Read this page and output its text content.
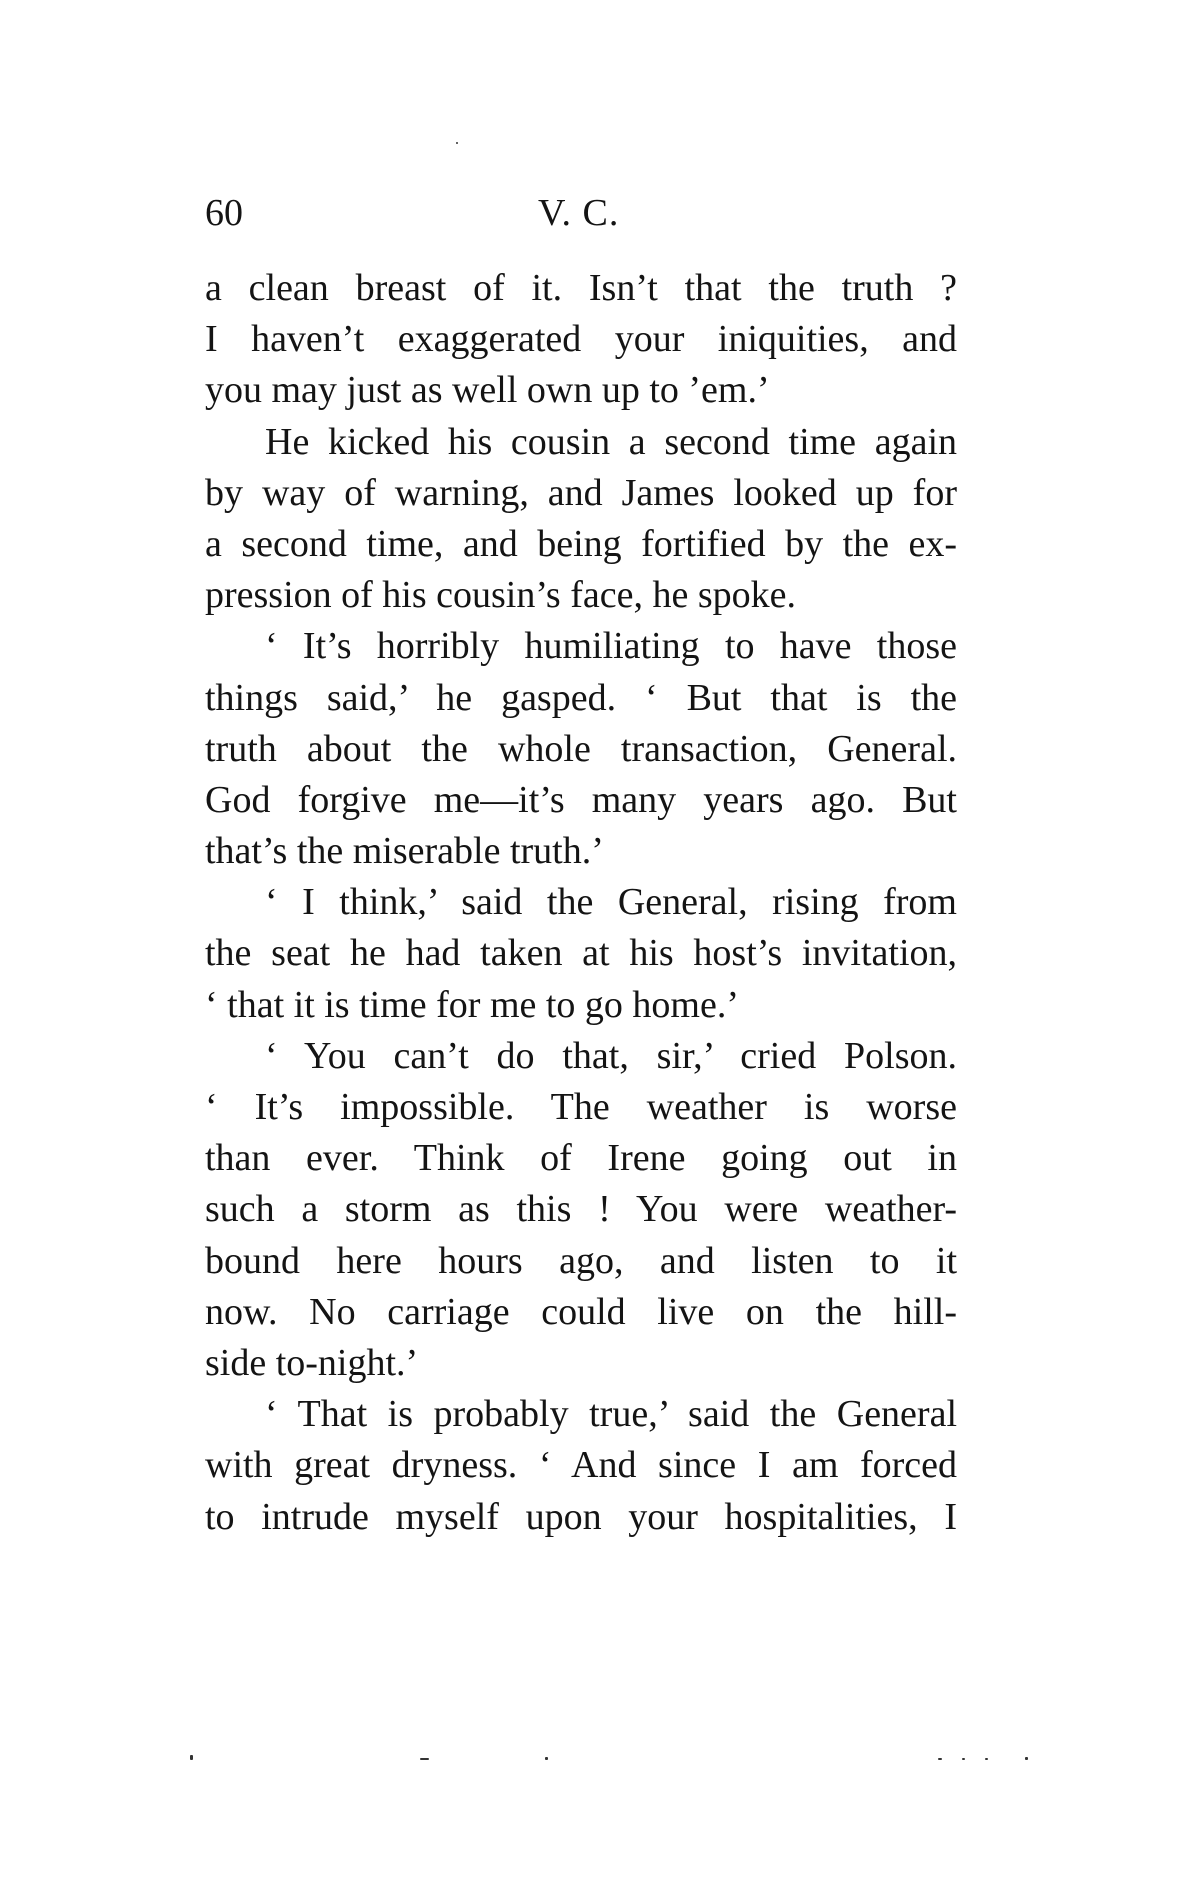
60	V. C.
a clean breast of it. Isn’t that the truth ?
I haven’t exaggerated your iniquities, and
you may just as well own up to ’em.’
He kicked his cousin a second time again
by way of warning, and James looked up for
a second time, and being fortified by the ex-
pression of his cousin’s face, he spoke.
‘ It’s horribly humiliating to have those
things said,’ he gasped. ‘ But that is the
truth about the whole transaction, General.
God forgive me—it’s many years ago. But
that’s the miserable truth.’
‘ I think,’ said the General, rising from
the seat he had taken at his host’s invitation,
‘ that it is time for me to go home.’
‘ You can’t do that, sir,’ cried Polson.
‘ It’s impossible. The weather is worse
than ever. Think of Irene going out in
such a storm as this ! You were weather-
bound here hours ago, and listen to it
now. No carriage could live on the hill-
side to-night.’
‘ That is probably true,’ said the General
with great dryness. ‘ And since I am forced
to intrude myself upon your hospitalities, I
